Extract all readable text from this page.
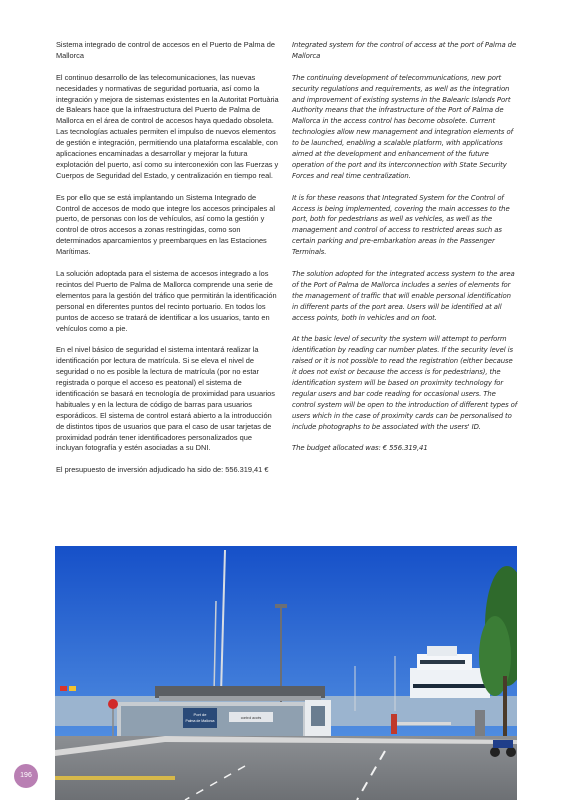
Sistema integrado de control de accesos en el Puerto de Palma de Mallorca

El continuo desarrollo de las telecomunicaciones, las nuevas necesidades y normativas de seguridad portuaria, así como la integración y mejora de sistemas existentes en la Autoritat Portuària de Balears hace que la infraestructura del Puerto de Palma de Mallorca en el área de control de accesos haya quedado obsoleta. Las tecnologías actuales permiten el impulso de nuevos elementos de gestión e integración, permitiendo una plataforma escalable, con aplicaciones encaminadas a desarrollar y mejorar la futura explotación del puerto, así como su interconexión con las Fuerzas y Cuerpos de Seguridad del Estado, y centralización en tiempo real.

Es por ello que se está implantando un Sistema Integrado de Control de accesos de modo que integre los accesos principales al puerto, de personas con los de vehículos, así como la gestión y control de otros accesos a zonas restringidas, como son determinados aparcamientos y preembarques en las Estaciones Marítimas.

La solución adoptada para el sistema de accesos integrado a los recintos del Puerto de Palma de Mallorca comprende una serie de elementos para la gestión del tráfico que permitirán la identificación personal en diferentes puntos del recinto portuario. En todos los puntos de acceso se tratará de identificar a los usuarios, tanto en vehículos como a pie.

En el nivel básico de seguridad el sistema intentará realizar la identificación por lectura de matrícula. Si se eleva el nivel de seguridad o no es posible la lectura de matrícula (por no estar registrada o porque el acceso es peatonal) el sistema de identificación se basará en tecnología de proximidad para usuarios habituales y en la lectura de código de barras para usuarios esporádicos. El sistema de control estará abierto a la introducción de distintos tipos de usuarios que para el caso de usar tarjetas de proximidad podrán tener identificadores personalizados que incluyan fotografía y estén asociadas a su DNI.

El presupuesto de inversión adjudicado ha sido de: 556.319,41 €

Integrated system for the control of access at the port of Palma de Mallorca

The continuing development of telecommunications, new port security regulations and requirements, as well as the integration and improvement of existing systems in the Balearic Islands Port Authority means that the infrastructure of the Port of Palma de Mallorca in the access control has become obsolete. Current technologies allow new management and integration elements of to be launched, enabling a scalable platform, with applications aimed at the development and enhancement of the future operation of the port and its interconnection with State Security Forces and real time centralization.

It is for these reasons that Integrated System for the Control of Access is being implemented, covering the main accesses to the port, both for pedestrians as well as vehicles, as well as the management and control of access to restricted areas such as certain parking and pre-embarkation areas in the Passenger Terminals.

The solution adopted for the integrated access system to the area of the Port of Palma de Mallorca includes a series of elements for the management of traffic that will enable personal identification in different parts of the port area. Users will be identified at all access points, both in vehicles and on foot.

At the basic level of security the system will attempt to perform identification by reading car number plates. If the security level is raised or it is not possible to read the registration (either because it does not exist or because the access is for pedestrians), the identification system will be based on proximity technology for regular users and bar code reading for occasional users. The control system will be open to the introduction of different types of users which in the case of proximity cards can be personalised to include photographs to be associated with the users' ID.

The budget allocated was: € 556.319,41

Port de
Palma de Mallorca
control accés
196
